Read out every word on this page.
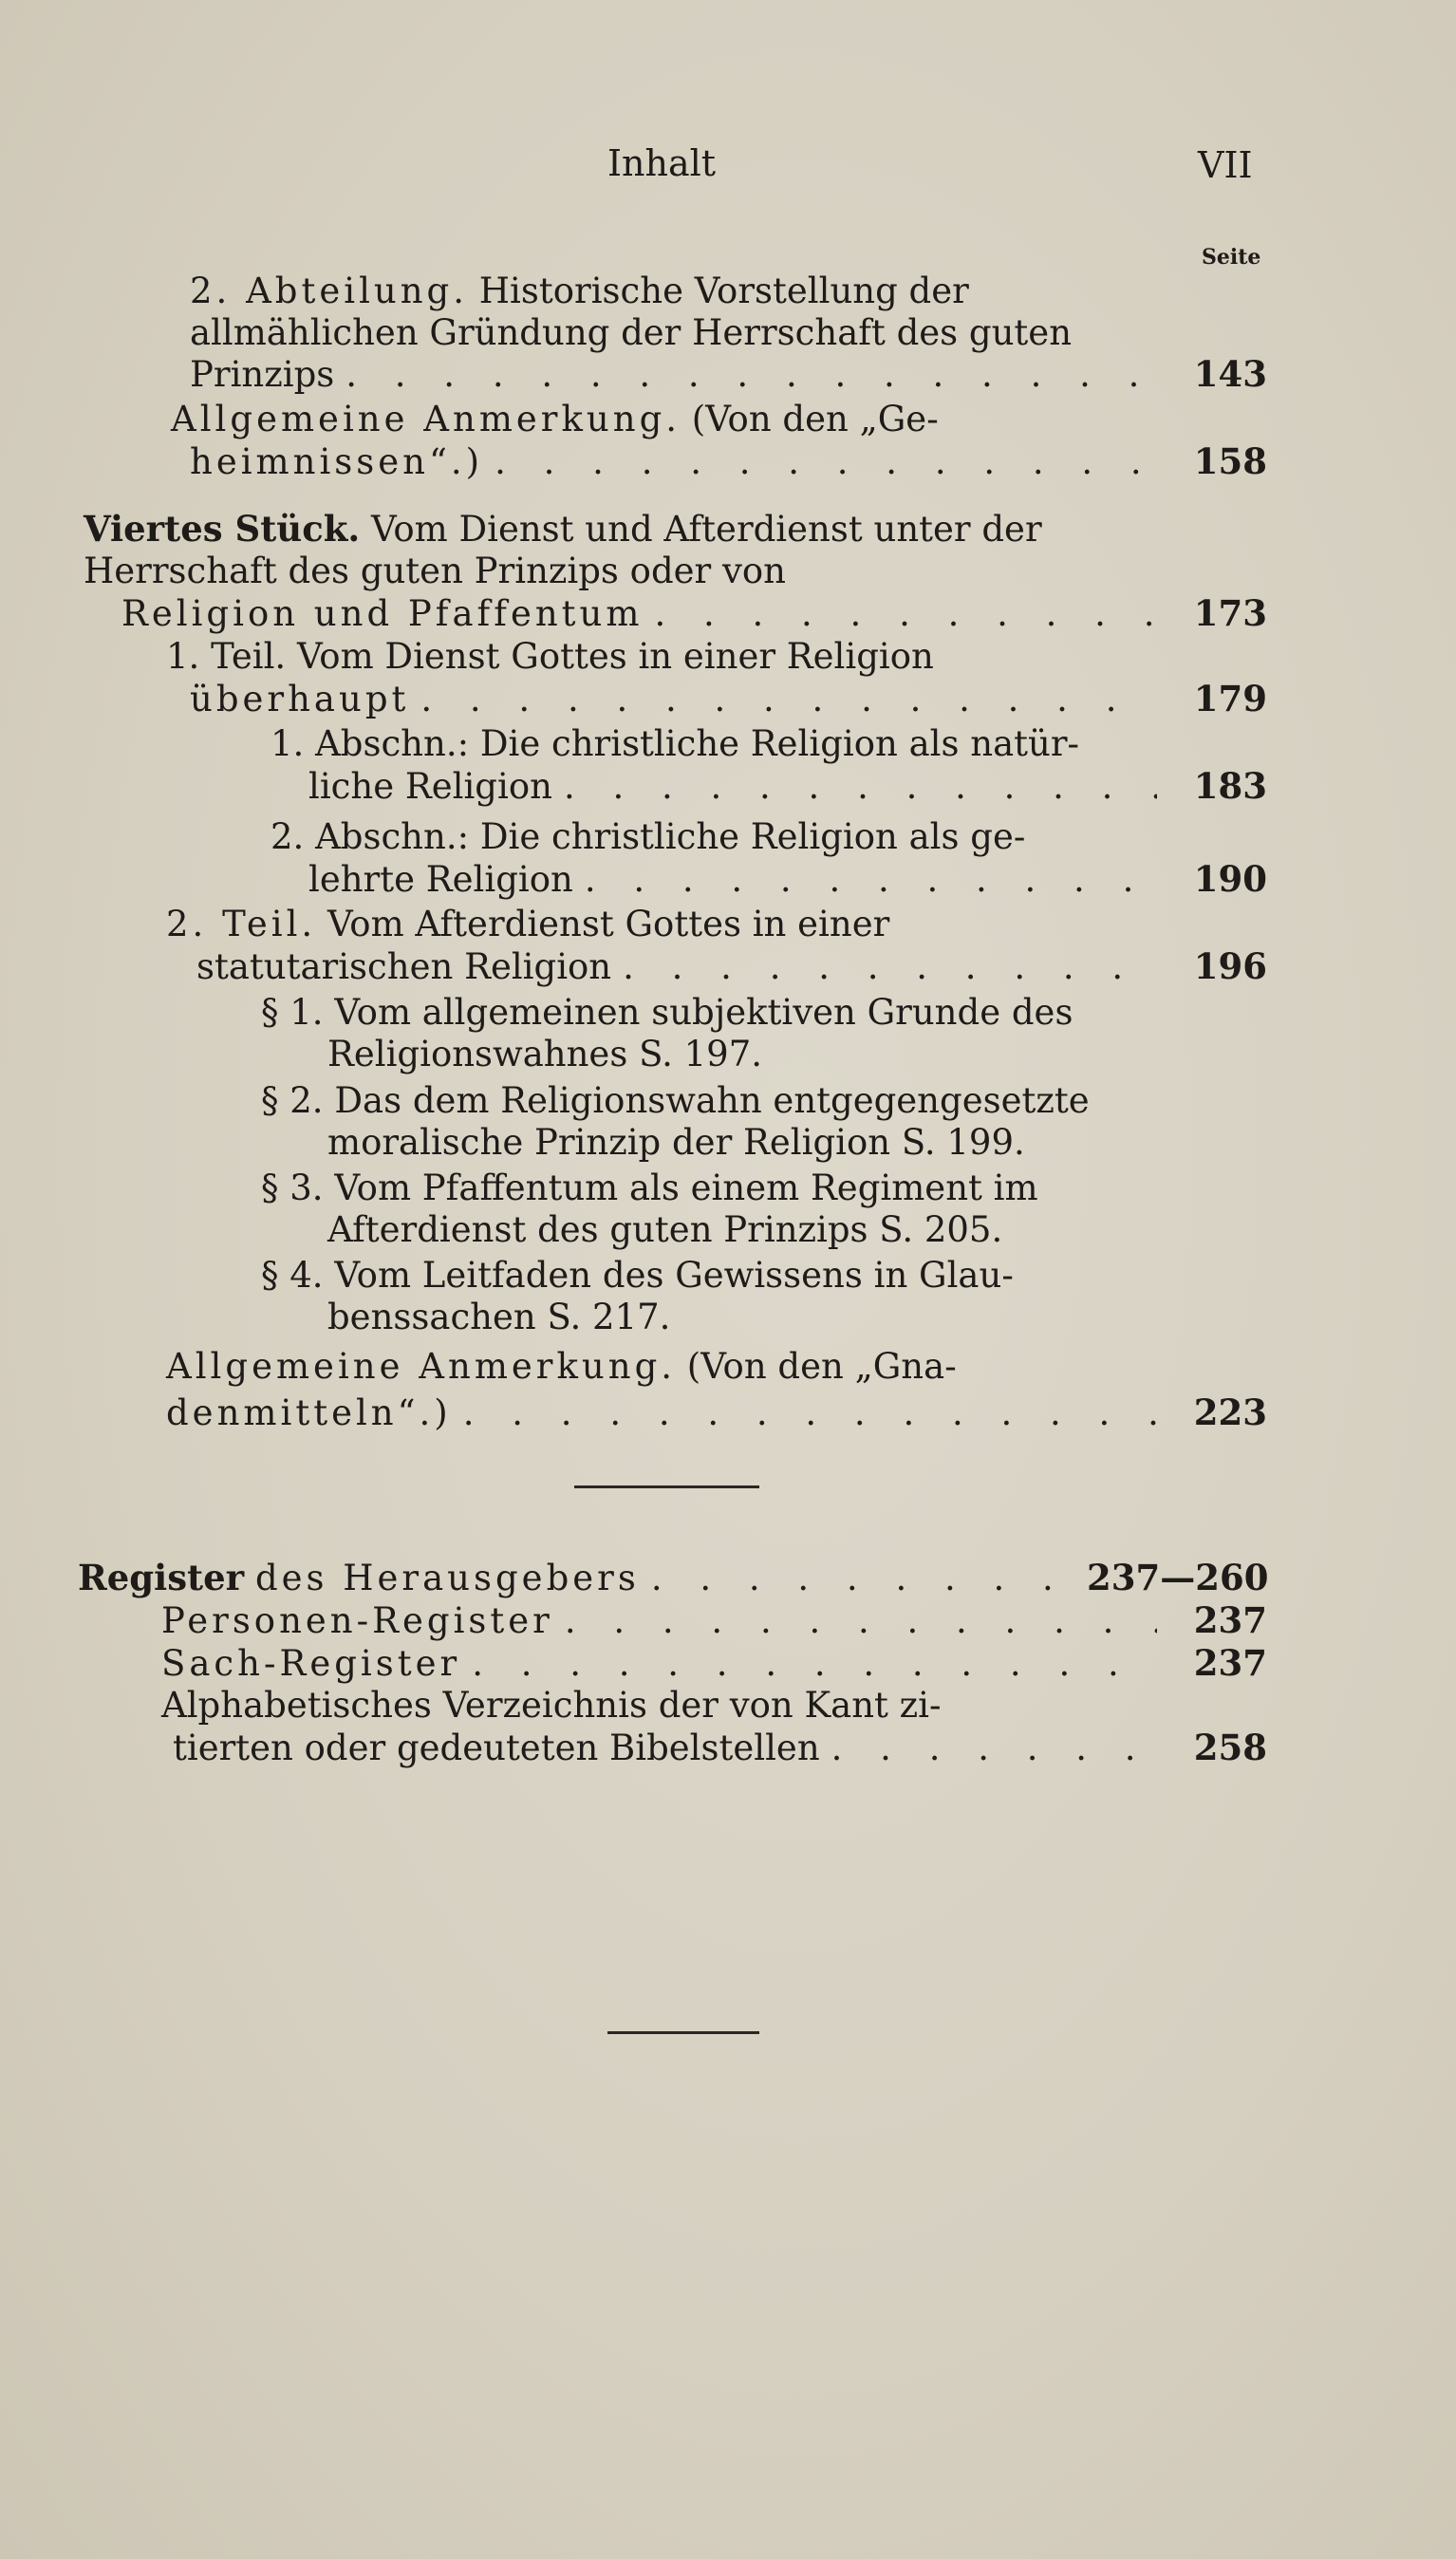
Inhalt	VII
Seite
2. Abteilung. Historische Vorstellung der allmählichen Gründung der Herrschaft des guten
Prinzips . . .	143
Allgemeine Anmerkung. (Von den „Ge-
heimnissen“.) . . .	158
Viertes Stück. Vom Dienst und Afterdienst unter der Herrschaft des guten Prinzips oder von
Religion und Pfaffentum . . .	173
1. Teil. Vom Dienst Gottes in einer Religion
überhaupt . . .	179
1. Abschn.: Die christliche Religion als natür-
liche Religion . . .	183
2. Abschn.: Die christliche Religion als ge-
lehrte Religion . . .	190
2. Teil. Vom Afterdienst Gottes in einer
statutarischen Religion . . .	196
§ 1. Vom allgemeinen subjektiven Grunde des
Religionswahnes S. 197.
§ 2. Das dem Religionswahn entgegengesetzte
moralische Prinzip der Religion S. 199.
§ 3. Vom Pfaffentum als einem Regiment im
Afterdienst des guten Prinzips S. 205.
§ 4. Vom Leitfaden des Gewissens in Glau-
benssachen S. 217.
Allgemeine Anmerkung. (Von den „Gna-
denmitteln“.) . . .	223
Register
des Herausgebers . . .	237—260
Personen-Register . . .	237
Sach-Register . . .	237
Alphabetisches Verzeichnis der von Kant zi-
tierten oder gedeuteten Bibelstellen . . .	258
